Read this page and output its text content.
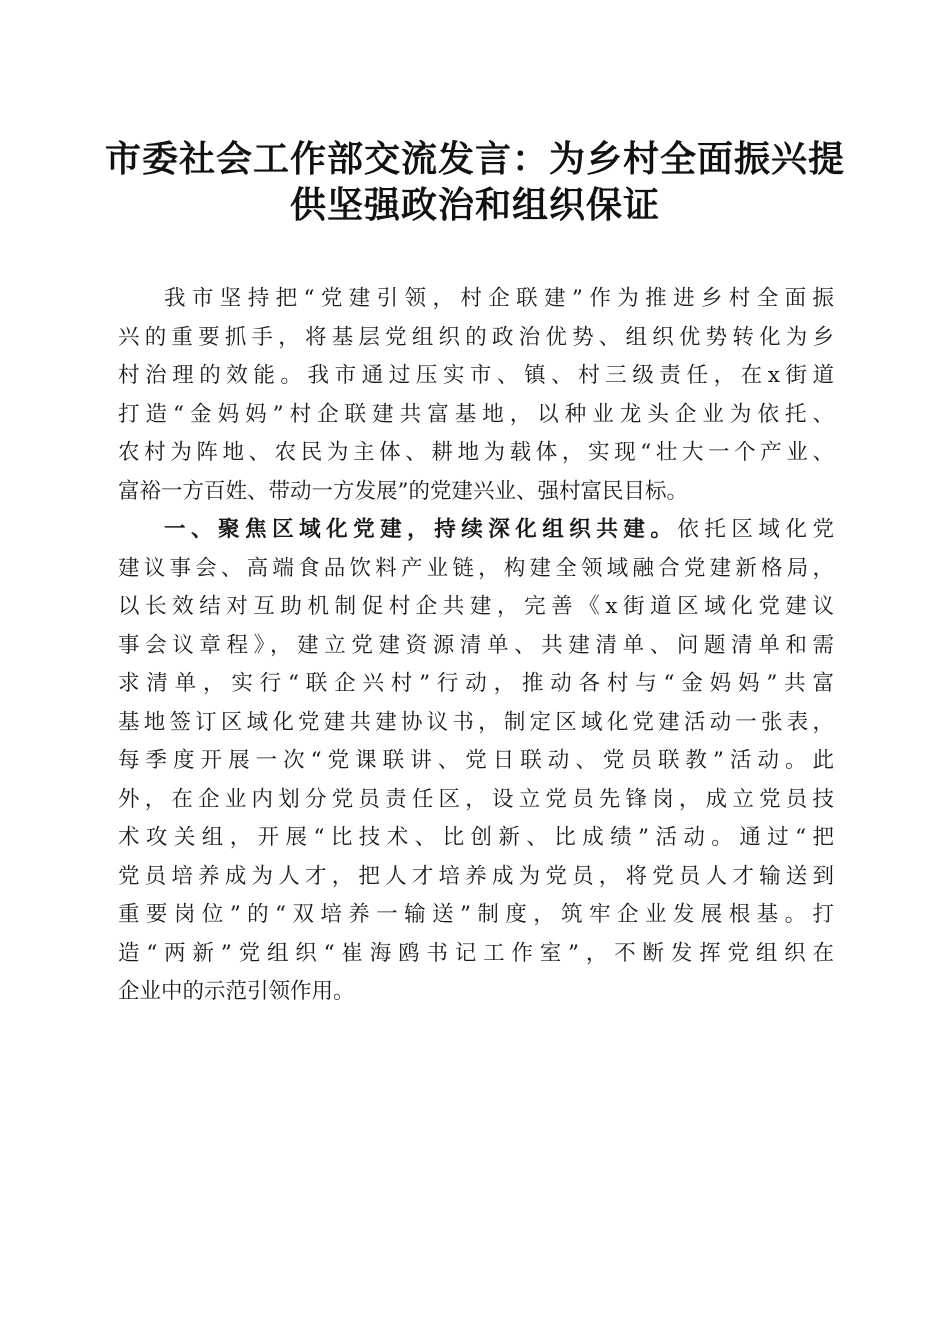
市委社会工作部交流发言：为乡村全面振兴提
供坚强政治和组织保证
我市坚持把“党建引领，村企联建”作为推进乡村全面振
兴的重要抓手，将基层党组织的政治优势、组织优势转化为乡
村治理的效能。我市通过压实市、镇、村三级责任，在x街道
打造“金妈妈”村企联建共富基地，以种业龙头企业为依托、
农村为阵地、农民为主体、耕地为载体，实现“壮大一个产业、
富裕一方百姓、带动一方发展”的党建兴业、强村富民目标。
一、聚焦区域化党建，持续深化组织共建。依托区域化党
建议事会、高端食品饮料产业链，构建全领域融合党建新格局，
以长效结对互助机制促村企共建，完善《x街道区域化党建议
事会议章程》，建立党建资源清单、共建清单、问题清单和需
求清单，实行“联企兴村”行动，推动各村与“金妈妈”共富
基地签订区域化党建共建协议书，制定区域化党建活动一张表，
每季度开展一次“党课联讲、党日联动、党员联教”活动。此
外，在企业内划分党员责任区，设立党员先锋岗，成立党员技
术攻关组，开展“比技术、比创新、比成绩”活动。通过“把
党员培养成为人才，把人才培养成为党员，将党员人才输送到
重要岗位”的“双培养一输送”制度，筑牢企业发展根基。打
造“两新”党组织“崔海鸥书记工作室”，不断发挥党组织在
企业中的示范引领作用。
